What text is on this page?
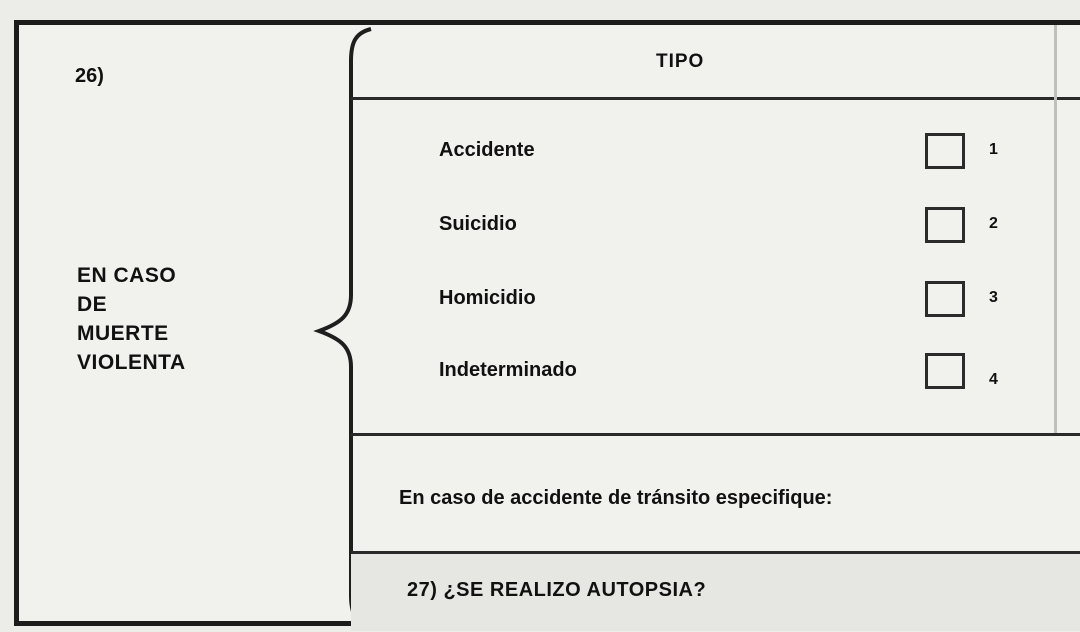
26)
EN CASO
DE
MUERTE
VIOLENTA
TIPO
Accidente	1
Suicidio	2
Homicidio	3
Indeterminado	4
En caso de accidente de tránsito especifique:
27) ¿SE REALIZO AUTOPSIA?
